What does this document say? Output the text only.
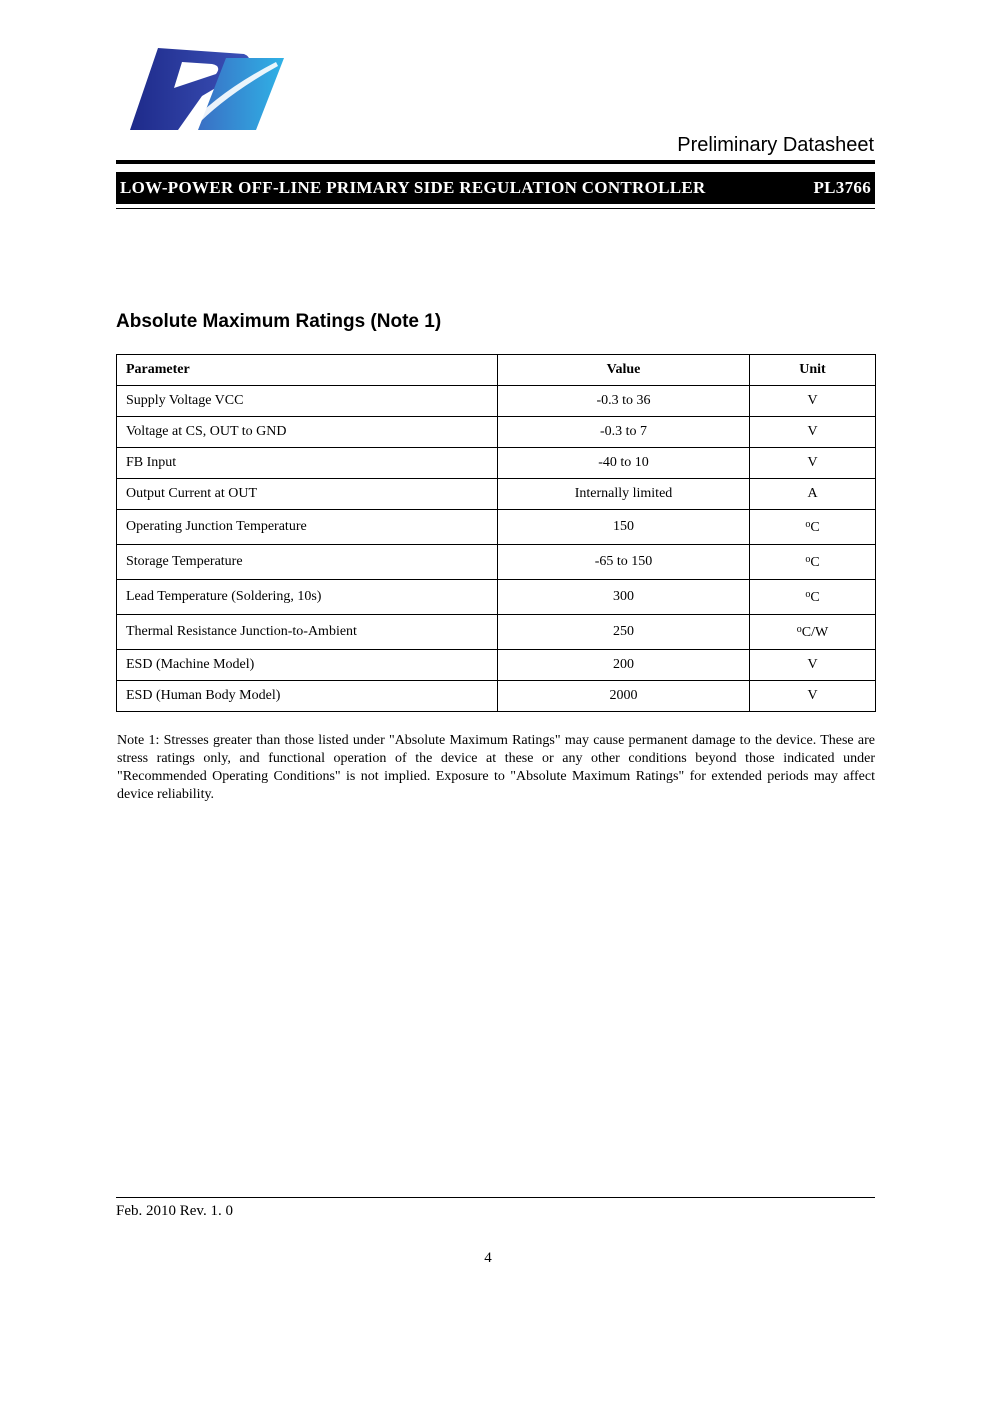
Preliminary Datasheet
LOW-POWER OFF-LINE PRIMARY SIDE REGULATION CONTROLLER	PL3766
Absolute Maximum Ratings (Note 1)
Parameter	Value	Unit
Supply Voltage VCC	-0.3 to 36	V
Voltage at CS, OUT to GND	-0.3 to 7	V
FB Input	-40 to 10	V
Output Current at OUT	Internally limited	A
Operating Junction Temperature	150	$^o$C
Storage Temperature	-65 to 150	$^o$C
Lead Temperature (Soldering, 10s)	300	$^o$C
Thermal Resistance Junction-to-Ambient	250	$^o$C/W
ESD (Machine Model)	200	V
ESD (Human Body Model)	2000	V
Note 1: Stresses greater than those listed under "Absolute Maximum Ratings" may cause permanent damage to the device. These are stress ratings only, and functional operation of the device at these or any other conditions beyond those indicated under "Recommended Operating Conditions" is not implied. Exposure to "Absolute Maximum Ratings" for extended periods may affect device reliability.
Feb. 2010 Rev. 1. 0
4
